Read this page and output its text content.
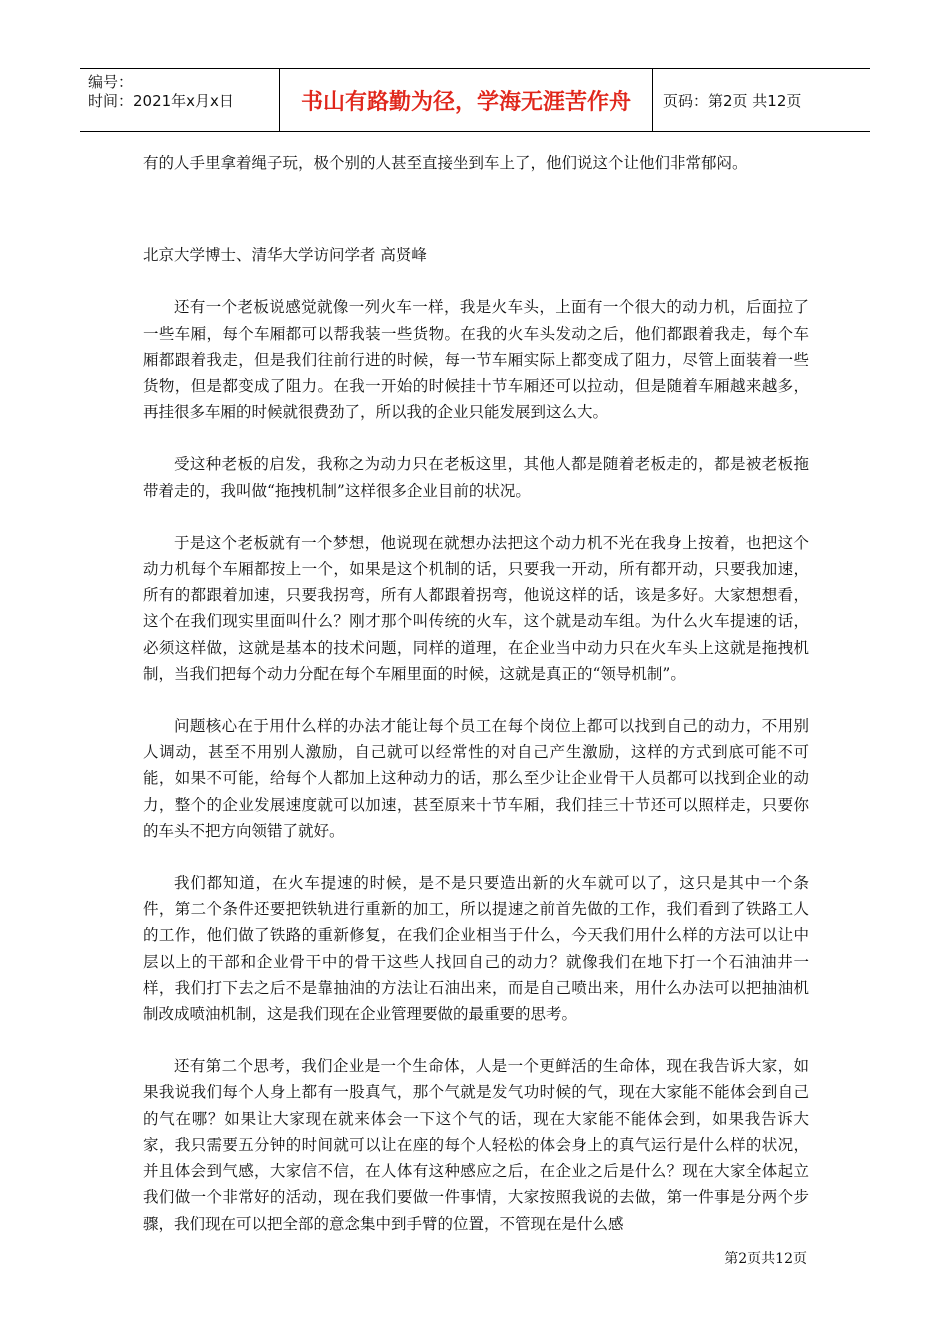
编号：
时间：2021年x月x日	书山有路勤为径，学海无涯苦作舟	页码：第2页 共12页

有的人手里拿着绳子玩，极个别的人甚至直接坐到车上了，他们说这个让他们非常郁闷。

北京大学博士、清华大学访问学者 高贤峰

还有一个老板说感觉就像一列火车一样，我是火车头，上面有一个很大的动力机，后面拉了一些车厢，每个车厢都可以帮我装一些货物。在我的火车头发动之后，他们都跟着我走，每个车厢都跟着我走，但是我们往前行进的时候，每一节车厢实际上都变成了阻力，尽管上面装着一些货物，但是都变成了阻力。在我一开始的时候挂十节车厢还可以拉动，但是随着车厢越来越多，再挂很多车厢的时候就很费劲了，所以我的企业只能发展到这么大。

受这种老板的启发，我称之为动力只在老板这里，其他人都是随着老板走的，都是被老板拖带着走的，我叫做“拖拽机制”这样很多企业目前的状况。

于是这个老板就有一个梦想，他说现在就想办法把这个动力机不光在我身上按着，也把这个动力机每个车厢都按上一个，如果是这个机制的话，只要我一开动，所有都开动，只要我加速，所有的都跟着加速，只要我拐弯，所有人都跟着拐弯，他说这样的话，该是多好。大家想想看，这个在我们现实里面叫什么？刚才那个叫传统的火车，这个就是动车组。为什么火车提速的话，必须这样做，这就是基本的技术问题，同样的道理，在企业当中动力只在火车头上这就是拖拽机制，当我们把每个动力分配在每个车厢里面的时候，这就是真正的“领导机制”。

问题核心在于用什么样的办法才能让每个员工在每个岗位上都可以找到自己的动力，不用别人调动，甚至不用别人激励，自己就可以经常性的对自己产生激励，这样的方式到底可能不可能，如果不可能，给每个人都加上这种动力的话，那么至少让企业骨干人员都可以找到企业的动力，整个的企业发展速度就可以加速，甚至原来十节车厢，我们挂三十节还可以照样走，只要你的车头不把方向领错了就好。

我们都知道，在火车提速的时候，是不是只要造出新的火车就可以了，这只是其中一个条件，第二个条件还要把铁轨进行重新的加工，所以提速之前首先做的工作，我们看到了铁路工人的工作，他们做了铁路的重新修复，在我们企业相当于什么，今天我们用什么样的方法可以让中层以上的干部和企业骨干中的骨干这些人找回自己的动力？就像我们在地下打一个石油油井一样，我们打下去之后不是靠抽油的方法让石油出来，而是自己喷出来，用什么办法可以把抽油机制改成喷油机制，这是我们现在企业管理要做的最重要的思考。

还有第二个思考，我们企业是一个生命体，人是一个更鲜活的生命体，现在我告诉大家，如果我说我们每个人身上都有一股真气，那个气就是发气功时候的气，现在大家能不能体会到自己的气在哪？如果让大家现在就来体会一下这个气的话，现在大家能不能体会到，如果我告诉大家，我只需要五分钟的时间就可以让在座的每个人轻松的体会身上的真气运行是什么样的状况，并且体会到气感，大家信不信，在人体有这种感应之后，在企业之后是什么？现在大家全体起立我们做一个非常好的活动，现在我们要做一件事情，大家按照我说的去做，第一件事是分两个步骤，我们现在可以把全部的意念集中到手臂的位置，不管现在是什么感

第2页共12页
